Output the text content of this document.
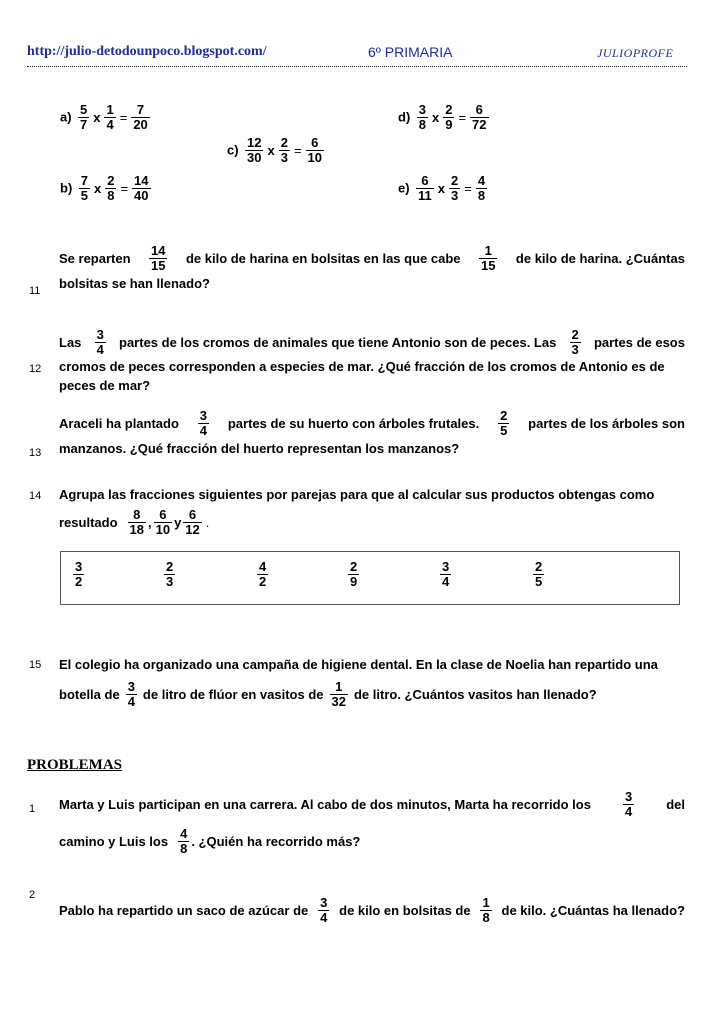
http://julio-detodounpoco.blogspot.com/	6º PRIMARIA	JULIOPROFE
$a) \frac{5}{7}$ x $\frac{1}{4} = \frac{7}{20}$
$b) \frac{7}{5}$ x $\frac{2}{8} = \frac{14}{40}$
$c) \frac{12}{30}$ x $\frac{2}{3} = \frac{6}{10}$
$d) \frac{3}{8}$ x $\frac{2}{9} = \frac{6}{72}$
$e) \frac{6}{11}$ x $\frac{2}{3} = \frac{4}{8}$
11
Se reparten $\frac{14}{15}$ de kilo de harina en bolsitas en las que cabe $\frac{1}{15}$ de kilo de harina. ¿Cuántas
bolsitas se han llenado?
12
Las $\frac{3}{4}$ partes de los cromos de animales que tiene Antonio son de peces. Las $\frac{2}{3}$ partes de esos
cromos de peces corresponden a especies de mar. ¿Qué fracción de los cromos de Antonio es de
peces de mar?
13
Araceli ha plantado $\frac{3}{4}$ partes de su huerto con árboles frutales. $\frac{2}{5}$ partes de los árboles son
manzanos. ¿Qué fracción del huerto representan los manzanos?
14 Agrupa las fracciones siguientes por parejas para que al calcular sus productos obtengas como
resultado $\frac{8}{18}$ , $\frac{6}{10}$ y $\frac{6}{12}$ .
$\frac{3}{2}$	$\frac{2}{3}$	$\frac{4}{2}$	$\frac{2}{9}$	$\frac{3}{4}$	$\frac{2}{5}$
15 El colegio ha organizado una campaña de higiene dental. En la clase de Noelia han repartido una
botella de $\frac{3}{4}$ de litro de flúor en vasitos de $\frac{1}{32}$ de litro. ¿Cuántos vasitos han llenado?
PROBLEMAS
1 Marta y Luis participan en una carrera. Al cabo de dos minutos, Marta ha recorrido los $\frac{3}{4}$ del
camino y Luis los $\frac{4}{8}$ . ¿Quién ha recorrido más?
2
Pablo ha repartido un saco de azúcar de $\frac{3}{4}$ de kilo en bolsitas de $\frac{1}{8}$ de kilo. ¿Cuántas ha llenado?
